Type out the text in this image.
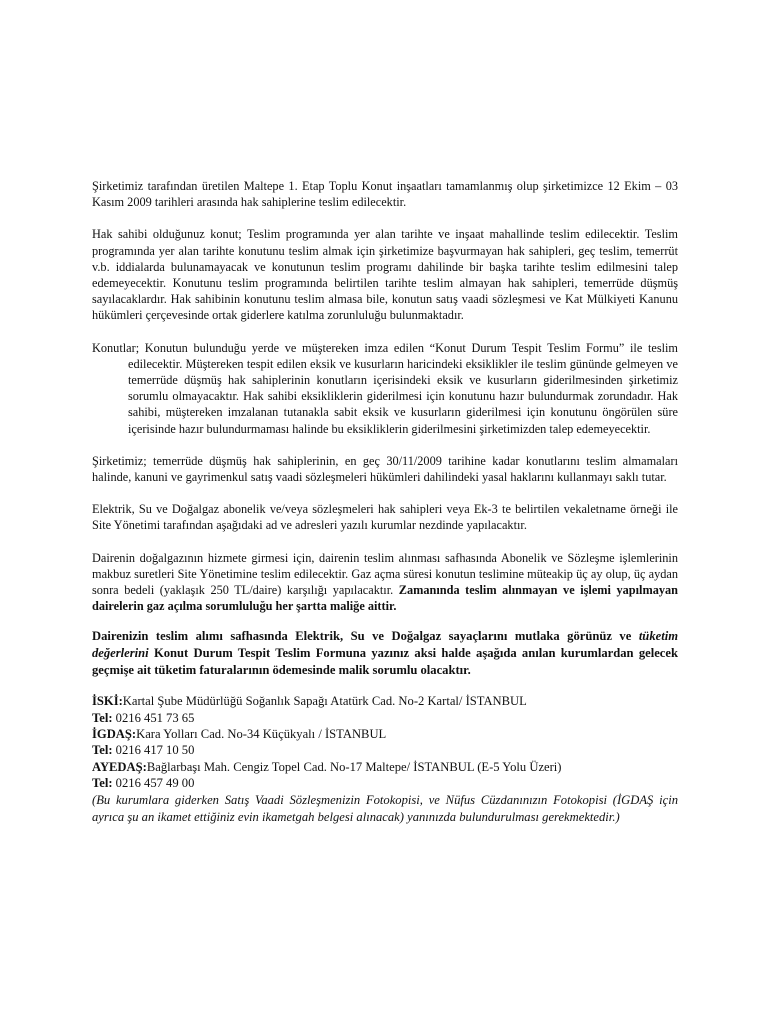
Şirketimiz tarafından üretilen Maltepe 1. Etap Toplu Konut inşaatları tamamlanmış olup şirketimizce 12 Ekim – 03 Kasım 2009 tarihleri arasında hak sahiplerine teslim edilecektir.

Hak sahibi olduğunuz konut; Teslim programında yer alan tarihte ve inşaat mahallinde teslim edilecektir. Teslim programında yer alan tarihte konutunu teslim almak için şirketimize başvurmayan hak sahipleri, geç teslim, temerrüt v.b. iddialarda bulunamayacak ve konutunun teslim programı dahilinde bir başka tarihte teslim edilmesini talep edemeyecektir. Konutunu teslim programında belirtilen tarihte teslim almayan hak sahipleri, temerrüde düşmüş sayılacaklardır. Hak sahibinin konutunu teslim almasa bile, konutun satış vaadi sözleşmesi ve Kat Mülkiyeti Kanunu hükümleri çerçevesinde ortak giderlere katılma zorunluluğu bulunmaktadır.

Konutlar; Konutun bulunduğu yerde ve müştereken imza edilen “Konut Durum Tespit Teslim Formu” ile teslim edilecektir. Müştereken tespit edilen eksik ve kusurların haricindeki eksiklikler ile teslim gününde gelmeyen ve temerrüde düşmüş hak sahiplerinin konutların içerisindeki eksik ve kusurların giderilmesinden şirketimiz sorumlu olmayacaktır. Hak sahibi eksikliklerin giderilmesi için konutunu hazır bulundurmak zorundadır. Hak sahibi, müştereken imzalanan tutanakla sabit eksik ve kusurların giderilmesi için konutunu öngörülen süre içerisinde hazır bulundurmaması halinde bu eksikliklerin giderilmesini şirketimizden talep edemeyecektir.

Şirketimiz; temerrüde düşmüş hak sahiplerinin, en geç 30/11/2009 tarihine kadar konutlarını teslim almamaları halinde, kanuni ve gayrimenkul satış vaadi sözleşmeleri hükümleri dahilindeki yasal haklarını kullanmayı saklı tutar.

Elektrik, Su ve Doğalgaz abonelik ve/veya sözleşmeleri hak sahipleri veya Ek-3 te belirtilen vekaletname örneği ile Site Yönetimi tarafından aşağıdaki ad ve adresleri yazılı kurumlar nezdinde yapılacaktır.

Dairenin doğalgazının hizmete girmesi için, dairenin teslim alınması safhasında Abonelik ve Sözleşme işlemlerinin makbuz suretleri Site Yönetimine teslim edilecektir. Gaz açma süresi konutun teslimine müteakip üç ay olup, üç aydan sonra bedeli (yaklaşık 250 TL/daire) karşılığı yapılacaktır. Zamanında teslim alınmayan ve işlemi yapılmayan dairelerin gaz açılma sorumluluğu her şartta maliğe aittir.

Dairenizin teslim alımı safhasında Elektrik, Su ve Doğalgaz sayaçlarını mutlaka görünüz ve tüketim değerlerini Konut Durum Tespit Teslim Formuna yazınız aksi halde aşağıda anılan kurumlardan gelecek geçmişe ait tüketim faturalarının ödemesinde malik sorumlu olacaktır.

İSKİ:Kartal Şube Müdürlüğü Soğanlık Sapağı Atatürk Cad. No-2 Kartal/ İSTANBUL
Tel: 0216 451 73 65
İGDAŞ:Kara Yolları Cad. No-34 Küçükyalı / İSTANBUL
Tel: 0216 417 10 50
AYEDAŞ:Bağlarbaşı Mah. Cengiz Topel Cad. No-17 Maltepe/ İSTANBUL (E-5 Yolu Üzeri)
Tel: 0216 457 49 00
(Bu kurumlara giderken Satış Vaadi Sözleşmenizin Fotokopisi, ve Nüfus Cüzdanınızın Fotokopisi (İGDAŞ için ayrıca şu an ikamet ettiğiniz evin ikametgah belgesi alınacak) yanınızda bulundurulması gerekmektedir.)
